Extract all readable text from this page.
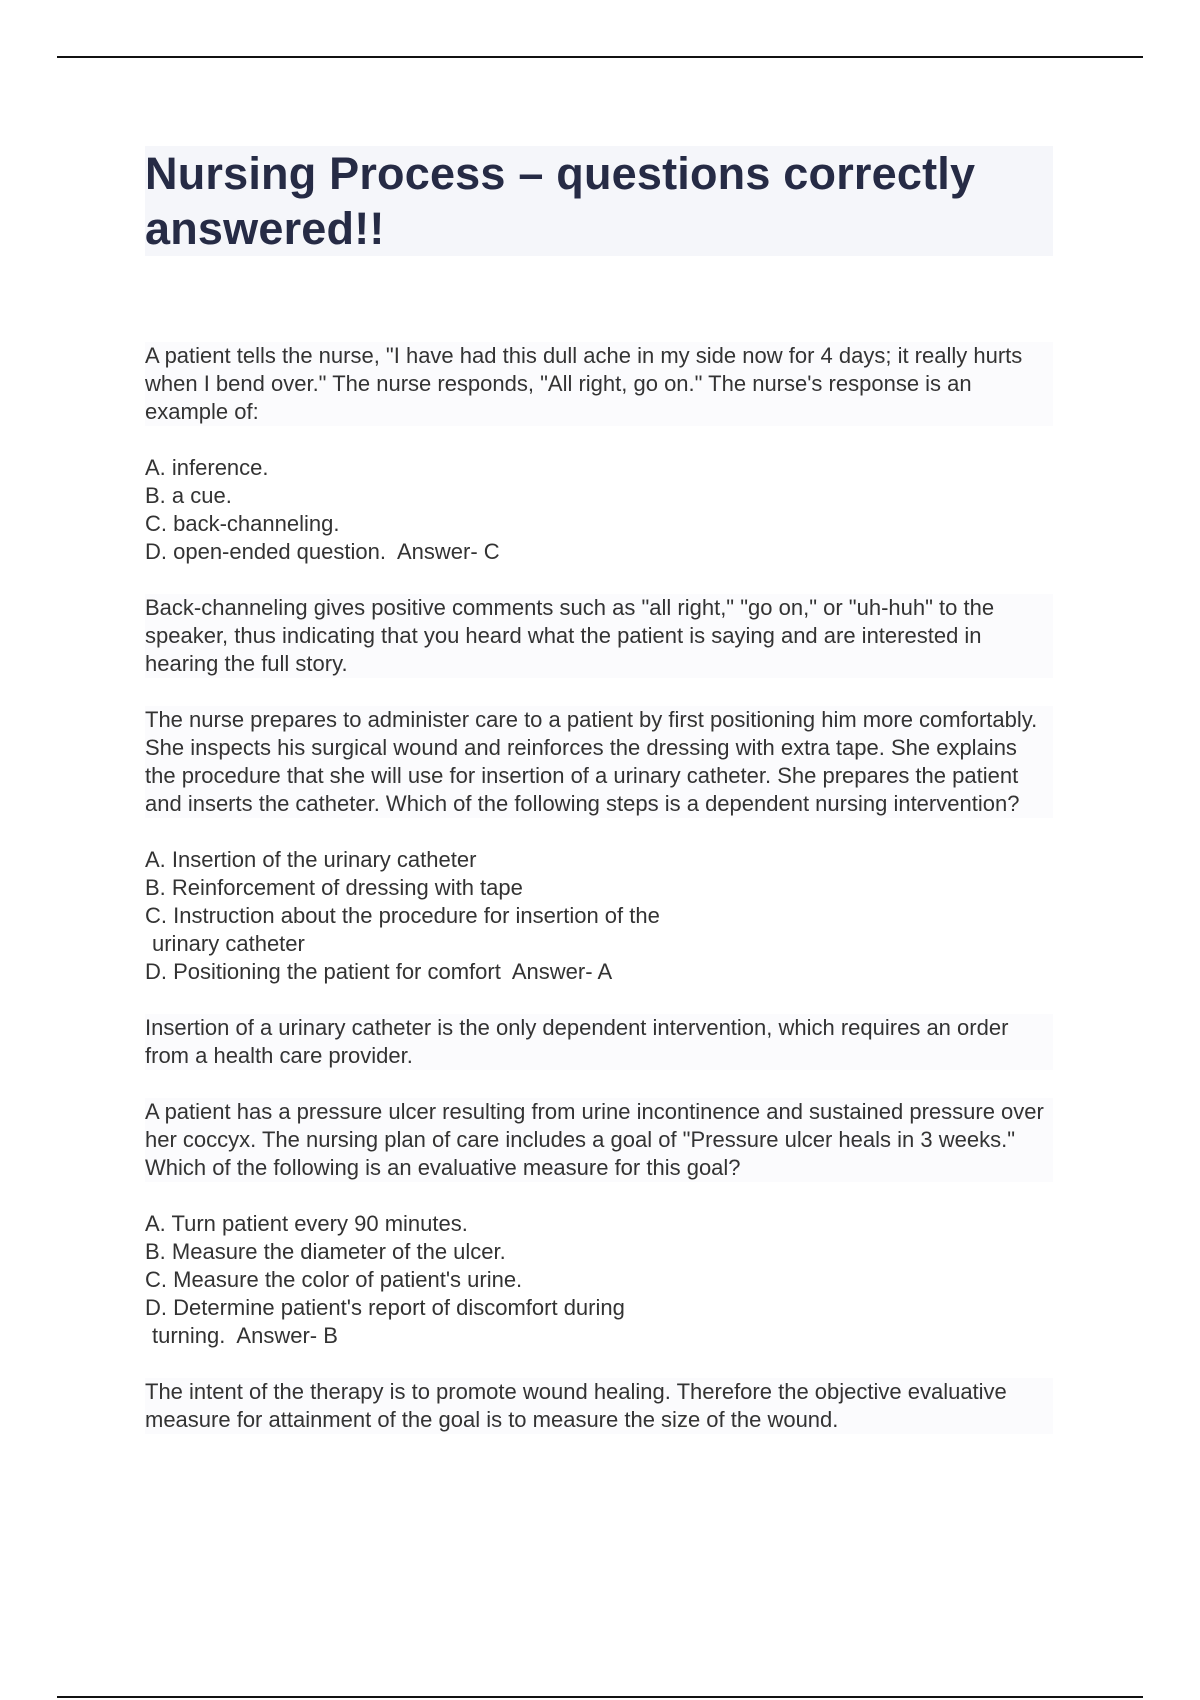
Nursing Process – questions correctly answered!!

A patient tells the nurse, "I have had this dull ache in my side now for 4 days; it really hurts when I bend over." The nurse responds, "All right, go on." The nurse's response is an example of:

A. inference.
B. a cue.
C. back-channeling.
D. open-ended question. Answer- C

Back-channeling gives positive comments such as "all right," "go on," or "uh-huh" to the speaker, thus indicating that you heard what the patient is saying and are interested in hearing the full story.

The nurse prepares to administer care to a patient by first positioning him more comfortably. She inspects his surgical wound and reinforces the dressing with extra tape. She explains the procedure that she will use for insertion of a urinary catheter. She prepares the patient and inserts the catheter. Which of the following steps is a dependent nursing intervention?

A. Insertion of the urinary catheter
B. Reinforcement of dressing with tape
C. Instruction about the procedure for insertion of the
urinary catheter
D. Positioning the patient for comfort Answer- A

Insertion of a urinary catheter is the only dependent intervention, which requires an order from a health care provider.

A patient has a pressure ulcer resulting from urine incontinence and sustained pressure over her coccyx. The nursing plan of care includes a goal of "Pressure ulcer heals in 3 weeks." Which of the following is an evaluative measure for this goal?

A. Turn patient every 90 minutes.
B. Measure the diameter of the ulcer.
C. Measure the color of patient's urine.
D. Determine patient's report of discomfort during
turning. Answer- B

The intent of the therapy is to promote wound healing. Therefore the objective evaluative measure for attainment of the goal is to measure the size of the wound.
